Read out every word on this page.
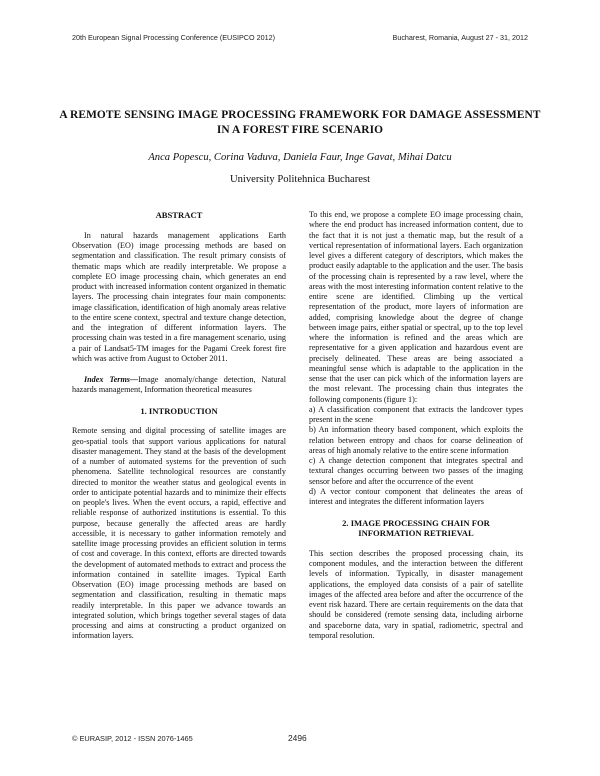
20th European Signal Processing Conference (EUSIPCO 2012)	Bucharest, Romania, August 27 - 31, 2012
A REMOTE SENSING IMAGE PROCESSING FRAMEWORK FOR DAMAGE ASSESSMENT
IN A FOREST FIRE SCENARIO
Anca Popescu, Corina Vaduva, Daniela Faur, Inge Gavat, Mihai Datcu
University Politehnica Bucharest
ABSTRACT

In natural hazards management applications Earth Observation (EO) image processing methods are based on segmentation and classification. The result primary consists of thematic maps which are readily interpretable. We propose a complete EO image processing chain, which generates an end product with increased information content organized in thematic layers. The processing chain integrates four main components: image classification, identification of high anomaly areas relative to the entire scene context, spectral and texture change detection, and the integration of different information layers. The processing chain was tested in a fire management scenario, using a pair of Landsat5-TM images for the Pagami Creek forest fire which was active from August to October 2011.

Index Terms—Image anomaly/change detection, Natural hazards management, Information theoretical measures

1. INTRODUCTION

Remote sensing and digital processing of satellite images are geo-spatial tools that support various applications for natural disaster management. They stand at the basis of the development of a number of automated systems for the prevention of such phenomena. Satellite technological resources are constantly directed to monitor the weather status and geological events in order to anticipate potential hazards and to minimize their effects on people's lives. When the event occurs, a rapid, effective and reliable response of authorized institutions is essential. To this purpose, because generally the affected areas are hardly accessible, it is necessary to gather information remotely and satellite image processing provides an efficient solution in terms of cost and coverage. In this context, efforts are directed towards the development of automated methods to extract and process the information contained in satellite images. Typical Earth Observation (EO) image processing methods are based on segmentation and classification, resulting in thematic maps readily interpretable. In this paper we advance towards an integrated solution, which brings together several stages of data processing and aims at constructing a product organized on information layers.

To this end, we propose a complete EO image processing chain, where the end product has increased information content, due to the fact that it is not just a thematic map, but the result of a vertical representation of informational layers. Each organization level gives a different category of descriptors, which makes the product easily adaptable to the application and the user. The basis of the processing chain is represented by a raw level, where the areas with the most interesting information content relative to the entire scene are identified. Climbing up the vertical representation of the product, more layers of information are added, comprising knowledge about the degree of change between image pairs, either spatial or spectral, up to the top level where the information is refined and the areas which are representative for a given application and hazardous event are precisely delineated. These areas are being associated a meaningful sense which is adaptable to the application in the sense that the user can pick which of the information layers are the most relevant. The processing chain thus integrates the following components (figure 1):

a) A classification component that extracts the landcover types present in the scene

b) An information theory based component, which exploits the relation between entropy and chaos for coarse delineation of areas of high anomaly relative to the entire scene information

c) A change detection component that integrates spectral and textural changes occurring between two passes of the imaging sensor before and after the occurrence of the event

d) A vector contour component that delineates the areas of interest and integrates the different information layers

2. IMAGE PROCESSING CHAIN FOR
INFORMATION RETRIEVAL

This section describes the proposed processing chain, its component modules, and the interaction between the different levels of information. Typically, in disaster management applications, the employed data consists of a pair of satellite images of the affected area before and after the occurrence of the event risk hazard. There are certain requirements on the data that should be considered (remote sensing data, including airborne and spaceborne data, vary in spatial, radiometric, spectral and temporal resolution.

© EURASIP, 2012 - ISSN 2076-1465	2496
